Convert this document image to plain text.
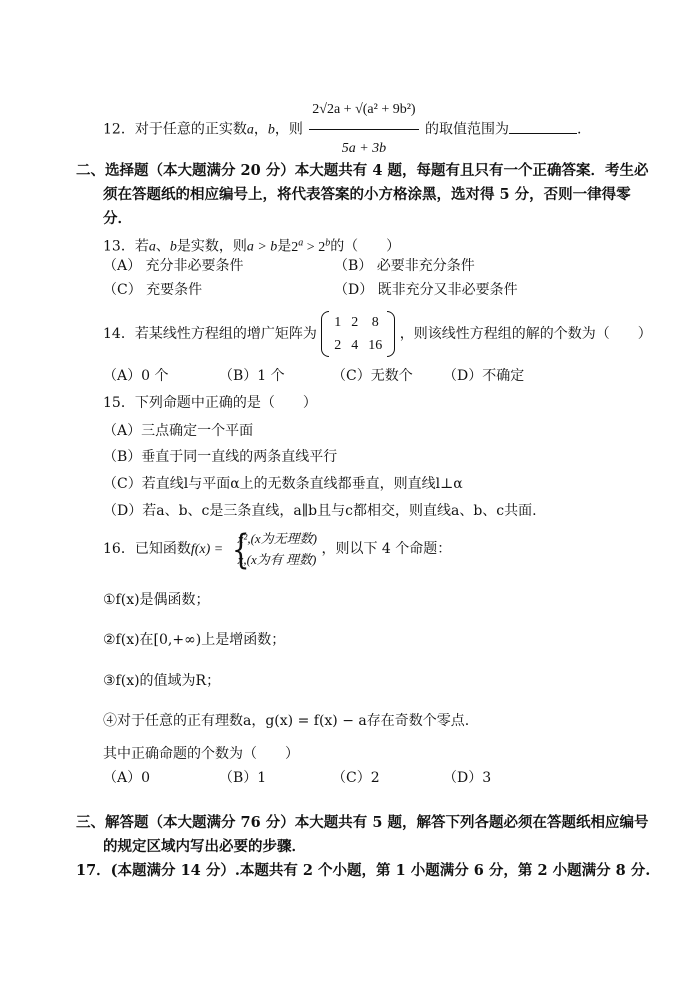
12．对于任意的正实数a，b，则 $\frac{\text{2√2a + √(a² + 9b²)}}{5a + 3b}$ 的取值范围为	.
二、选择题（本大题满分 20 分）本大题共有 4 题，每题有且只有一个正确答案．考生必
须在答题纸的相应编号上，将代表答案的小方格涂黑，选对得 5 分，否则一律得零
分．
13．若a、b是实数，则a > b是$2^a > 2^b$的（　　）
（A） 充分非必要条件	（B） 必要非充分条件
（C） 充要条件	（D） 既非充分又非必要条件
14．若某线性方程组的增广矩阵为
1	2	8
2	4	16
，则该线性方程组的解的个数为（　　）
（A）0 个	（B）1 个	（C）无数个 （D）不确定
15．下列命题中正确的是（　　）
（A）三点确定一个平面
（B）垂直于同一直线的两条直线平行
（C）若直线l与平面α上的无数条直线都垂直，则直线l⊥α
（D）若a、b、c是三条直线，a∥b且与c都相交，则直线a、b、c共面.
16．已知函数f(x) = {
x²,(x为无理数)
x,(x为有 理数)
，则以下 4 个命题：
①f(x)是偶函数；
②f(x)在[0,+∞)上是增函数；
③f(x)的值域为R；
④对于任意的正有理数a，g(x) = f(x) − a存在奇数个零点.
其中正确命题的个数为（　　）
（A）0	（B）1	（C）2	（D）3
三、解答题（本大题满分 76 分）本大题共有 5 题，解答下列各题必须在答题纸相应编号
的规定区域内写出必要的步骤．
17．(本题满分 14 分）.本题共有 2 个小题，第 1 小题满分 6 分，第 2 小题满分 8 分.
